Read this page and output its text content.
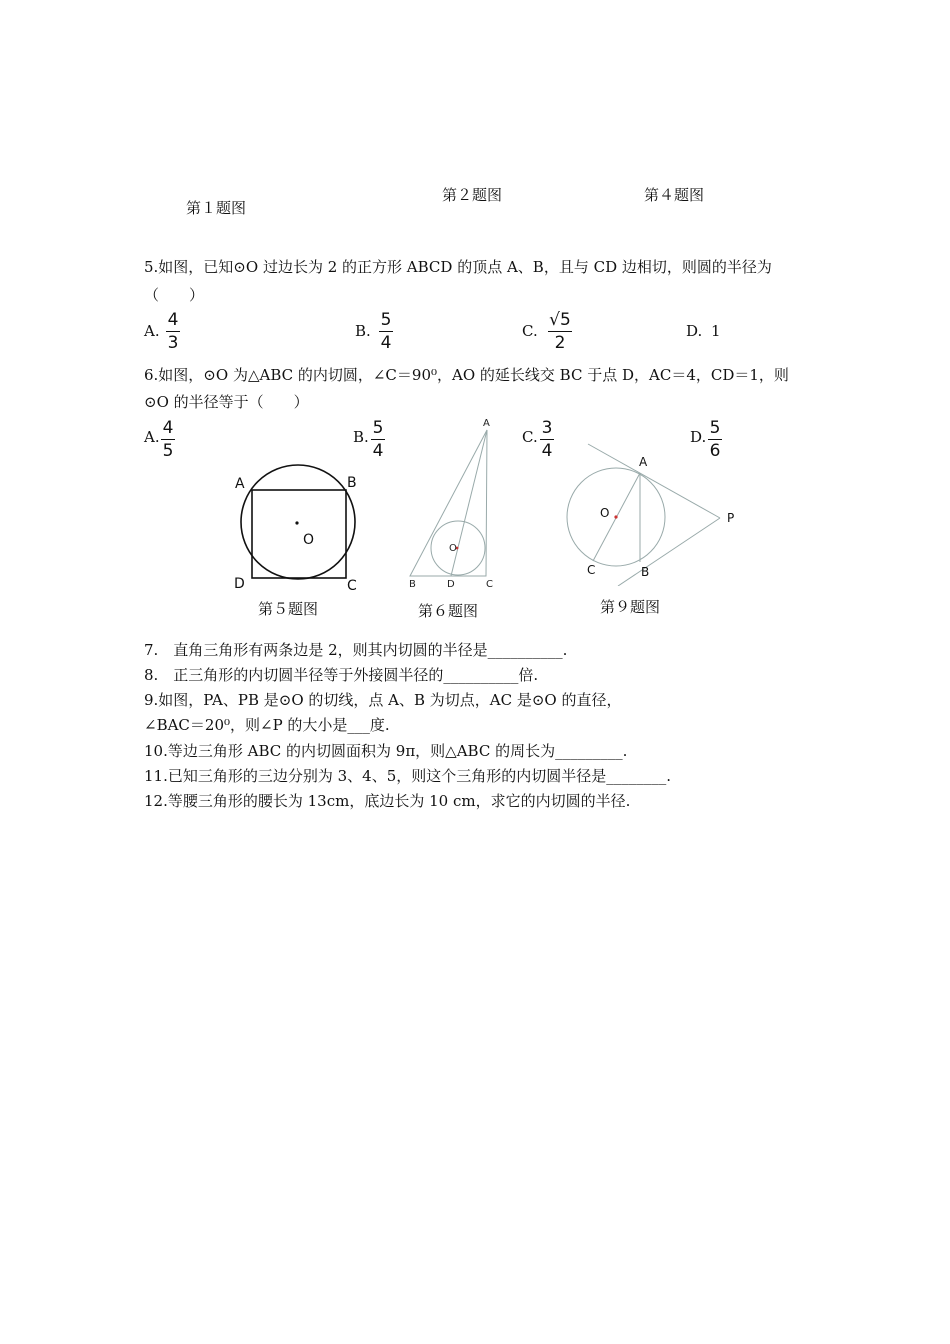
第１题图
第２题图	第４题图
5.如图，已知⊙O 过边长为 2 的正方形 ABCD 的顶点 A、B，且与 CD 边相切，则圆的半径为
（　　）
A.
4
3
B.
5
4
C.
√5
2
D. 1
6.如图，⊙O 为△ABC 的内切圆，∠C＝90⁰，AO 的延长线交 BC 于点 D，AC＝4，CD＝1，则
⊙O 的半径等于（　　）
A. 4
5
B. 5
4
C. 3
4
D. 5
6
A	B
C
D
O
第５题图
A
B	D	C
O
第６题图
A
O	P
C	B
第９题图
7.　直角三角形有两条边是 2，则其内切圆的半径是__________.
8.　正三角形的内切圆半径等于外接圆半径的__________倍.
9.如图，PA、PB 是⊙O 的切线，点 A、B 为切点，AC 是⊙O 的直径，
∠BAC＝20⁰，则∠P 的大小是___度.
10.等边三角形 ABC 的内切圆面积为 9π，则△ABC 的周长为_________.
11.已知三角形的三边分别为 3、4、5，则这个三角形的内切圆半径是________.
12.等腰三角形的腰长为 13cm，底边长为 10 cm，求它的内切圆的半径.
